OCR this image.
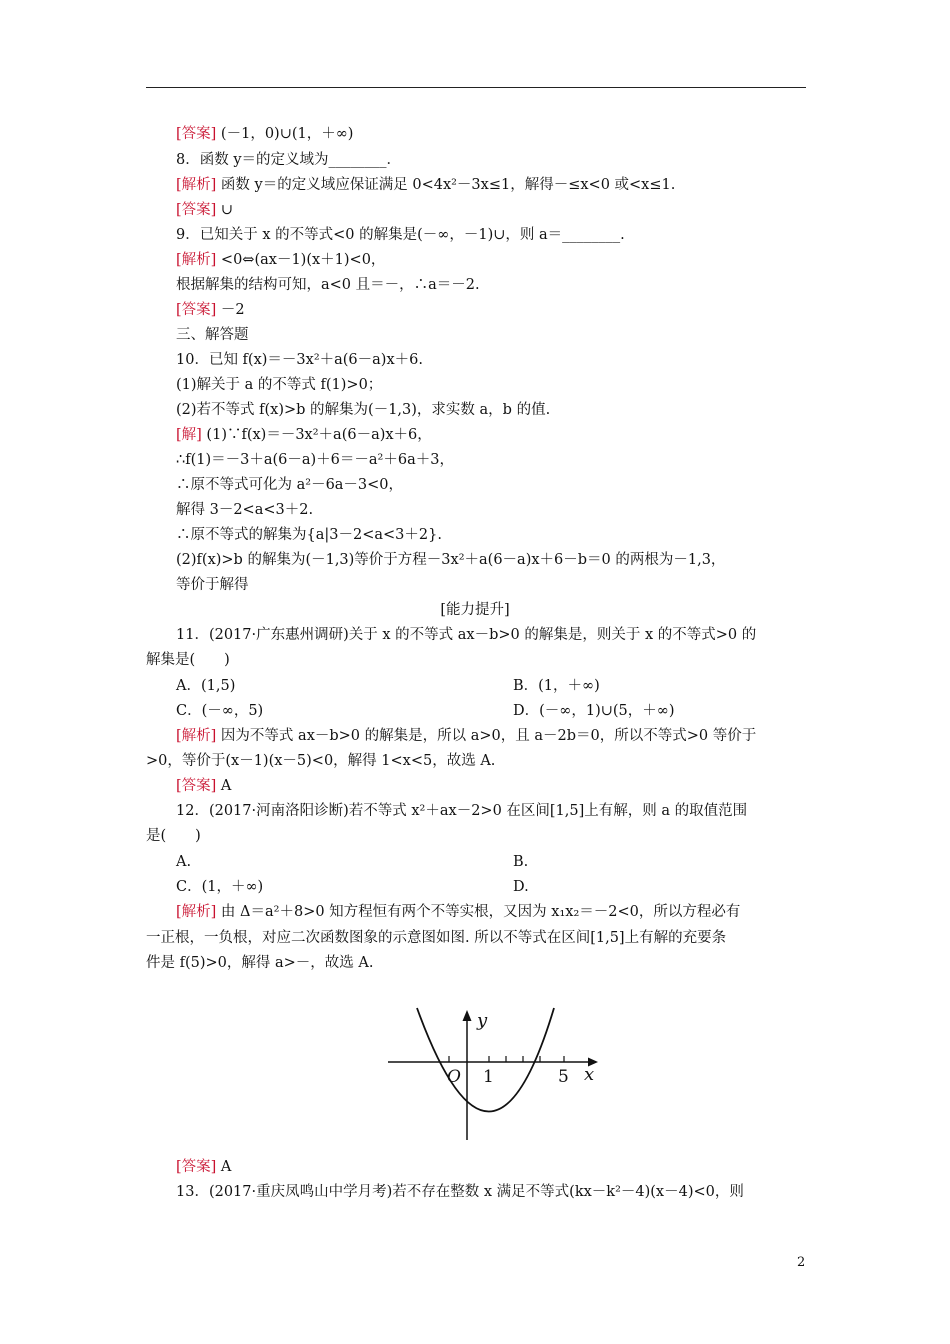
[答案] (－1，0)∪(1，＋∞)
8．函数 y＝的定义域为________．
[解析] 函数 y＝的定义域应保证满足 0<4x²－3x≤1，解得－≤x<0 或<x≤1.
[答案] ∪
9．已知关于 x 的不等式<0 的解集是(－∞，－1)∪，则 a＝________.
[解析] <0⇔(ax－1)(x＋1)<0，
根据解集的结构可知，a<0 且＝－，∴a＝－2.
[答案] －2
三、解答题
10．已知 f(x)＝－3x²＋a(6－a)x＋6.
(1)解关于 a 的不等式 f(1)>0；
(2)若不等式 f(x)>b 的解集为(－1,3)，求实数 a，b 的值.
[解] (1)∵f(x)＝－3x²＋a(6－a)x＋6，
∴f(1)＝－3＋a(6－a)＋6＝－a²＋6a＋3，
∴原不等式可化为 a²－6a－3<0，
解得 3－2<a<3＋2.
∴原不等式的解集为{a|3－2<a<3＋2}.
(2)f(x)>b 的解集为(－1,3)等价于方程－3x²＋a(6－a)x＋6－b＝0 的两根为－1,3，
等价于解得
[能力提升]
11．(2017·广东惠州调研)关于 x 的不等式 ax－b>0 的解集是，则关于 x 的不等式>0 的
解集是(　　)
A．(1,5)	B．(1，＋∞)
C．(－∞，5)	D．(－∞，1)∪(5，＋∞)
[解析] 因为不等式 ax－b>0 的解集是，所以 a>0，且 a－2b＝0，所以不等式>0 等价于
>0，等价于(x－1)(x－5)<0，解得 1<x<5，故选 A.
[答案] A
12．(2017·河南洛阳诊断)若不等式 x²＋ax－2>0 在区间[1,5]上有解，则 a 的取值范围
是(　　)
A.	B.
C．(1，＋∞)	D.
[解析] 由 Δ＝a²＋8>0 知方程恒有两个不等实根，又因为 x₁x₂＝－2<0，所以方程必有
一正根，一负根，对应二次函数图象的示意图如图. 所以不等式在区间[1,5]上有解的充要条
件是 f(5)>0，解得 a>－，故选 A.
y
O 1	5 x
[答案] A
13．(2017·重庆凤鸣山中学月考)若不存在整数 x 满足不等式(kx－k²－4)(x－4)<0，则
2
